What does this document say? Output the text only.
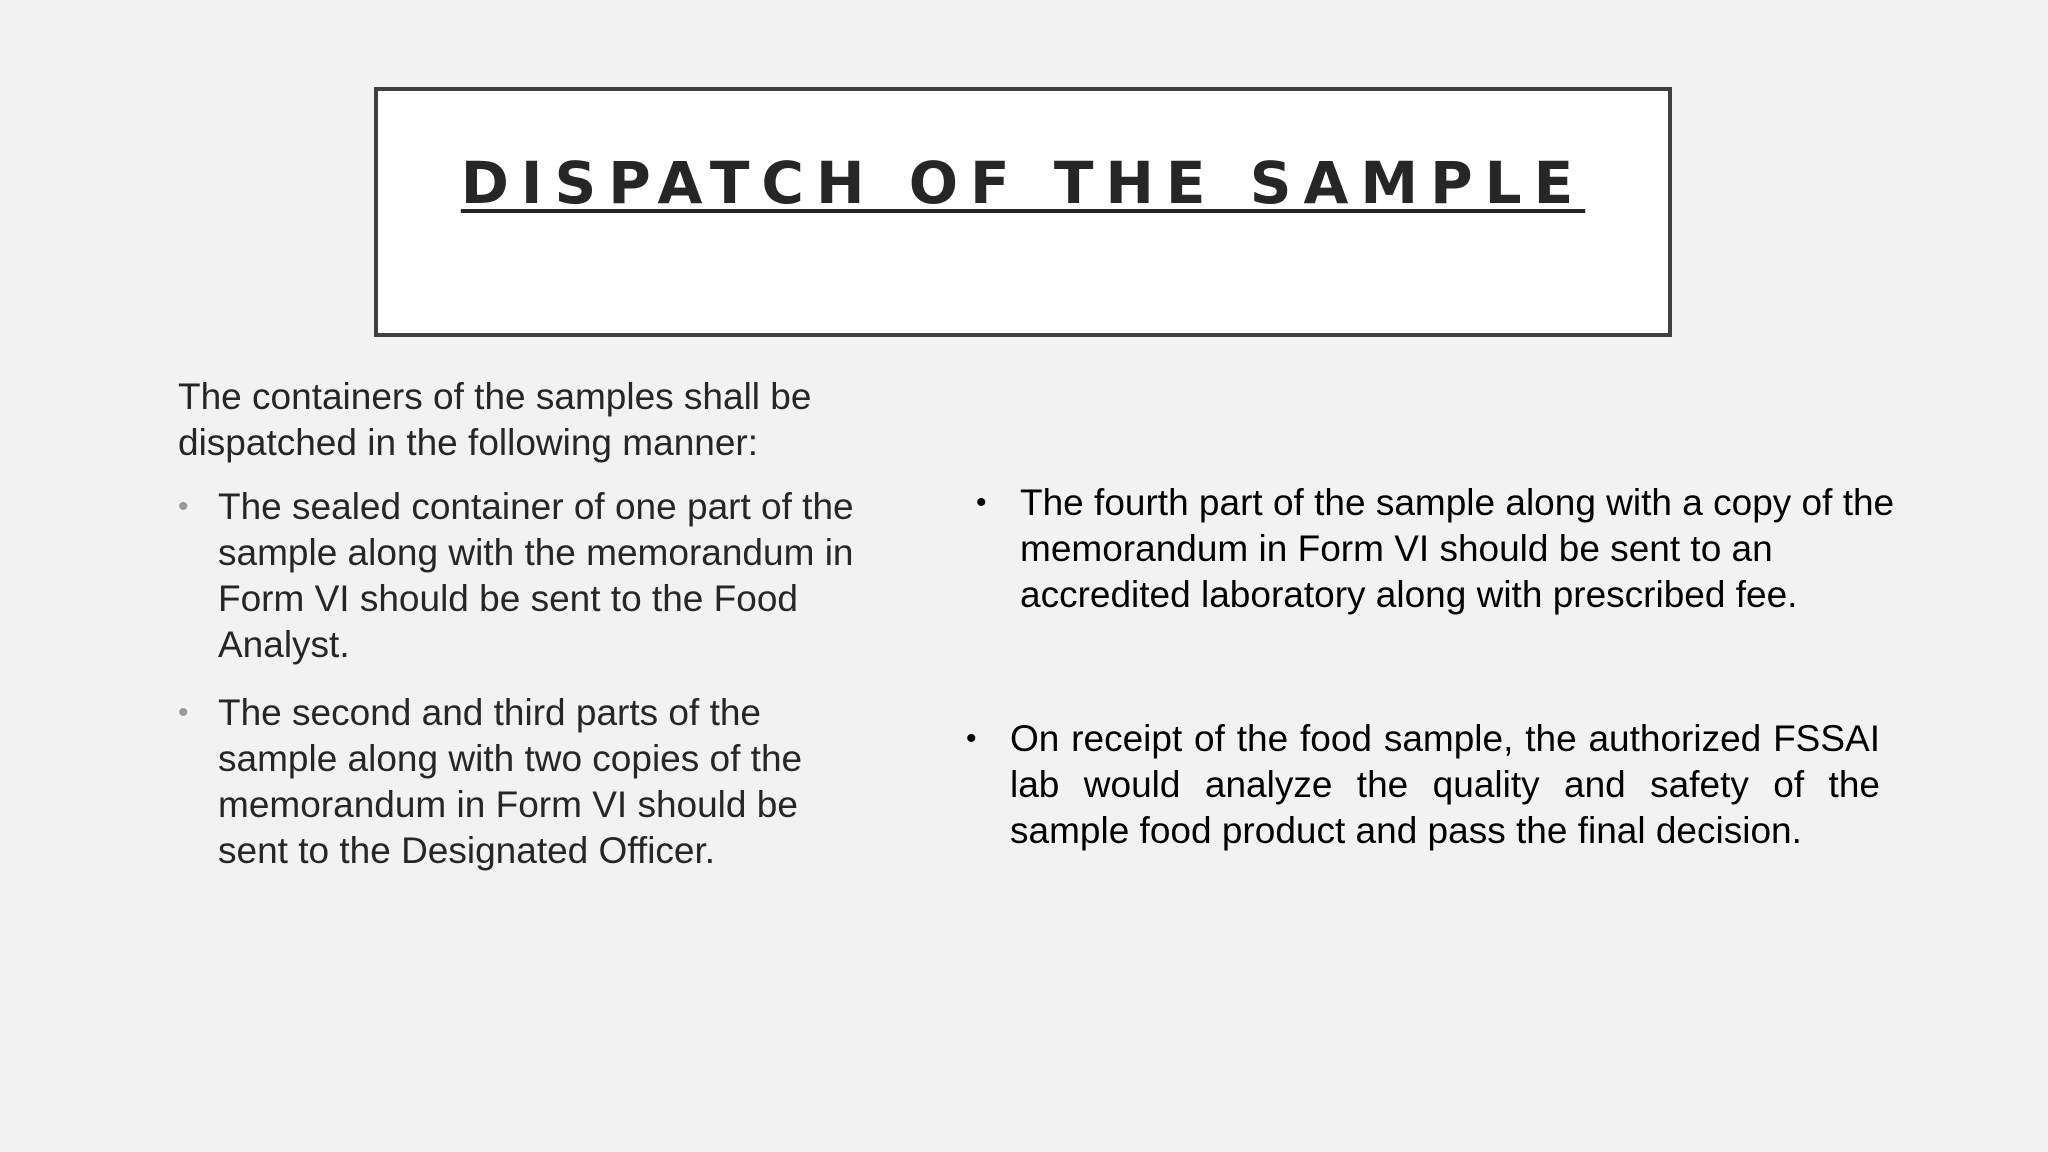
DISPATCH OF THE SAMPLE

The containers of the samples shall be dispatched in the following manner:

• The sealed container of one part of the sample along with the memorandum in Form VI should be sent to the Food Analyst.
• The second and third parts of the sample along with two copies of the memorandum in Form VI should be sent to the Designated Officer.

• The fourth part of the sample along with a copy of the memorandum in Form VI should be sent to an accredited laboratory along with prescribed fee.

• On receipt of the food sample, the authorized FSSAI lab would analyze the quality and safety of the sample food product and pass the final decision.
